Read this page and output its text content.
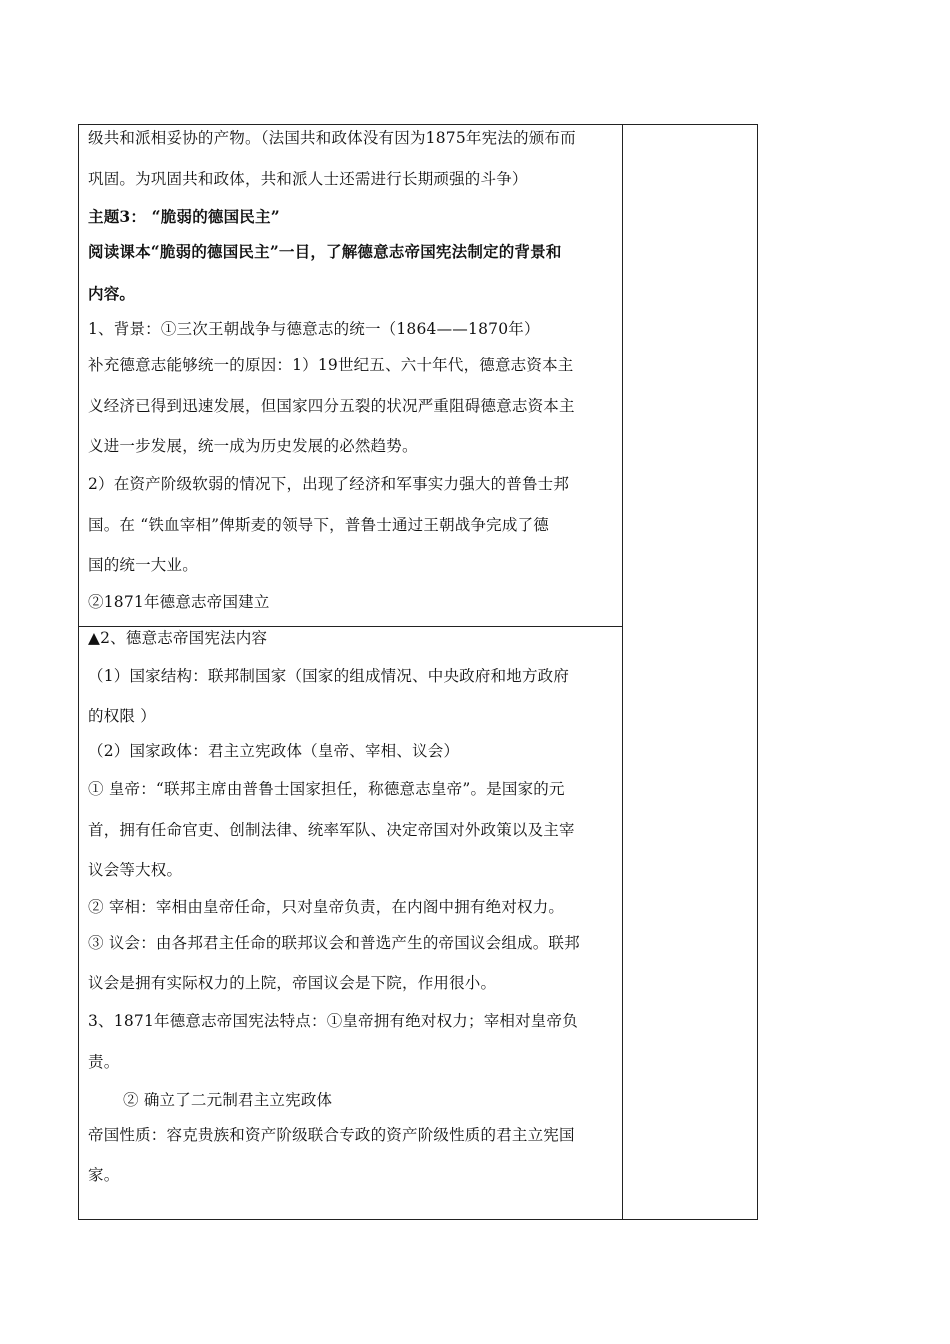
级共和派相妥协的产物。（法国共和政体没有因为1875年宪法的颁布而
巩固。为巩固共和政体，共和派人士还需进行长期顽强的斗争）
主题3： “脆弱的德国民主”
阅读课本“脆弱的德国民主”一目，了解德意志帝国宪法制定的背景和
内容。
1、背景：①三次王朝战争与德意志的统一（1864——1870年）
补充德意志能够统一的原因：1）19世纪五、六十年代，德意志资本主
义经济已得到迅速发展，但国家四分五裂的状况严重阻碍德意志资本主
义进一步发展，统一成为历史发展的必然趋势。
2）在资产阶级软弱的情况下，出现了经济和军事实力强大的普鲁士邦
国。在 “铁血宰相”俾斯麦的领导下，普鲁士通过王朝战争完成了德
国的统一大业。
②1871年德意志帝国建立
▲2、德意志帝国宪法内容
（1）国家结构：联邦制国家（国家的组成情况、中央政府和地方政府
的权限 ）
（2）国家政体：君主立宪政体（皇帝、宰相、议会）
① 皇帝：“联邦主席由普鲁士国家担任，称德意志皇帝”。是国家的元
首，拥有任命官吏、创制法律、统率军队、决定帝国对外政策以及主宰
议会等大权。
② 宰相：宰相由皇帝任命，只对皇帝负责，在内阁中拥有绝对权力。
③ 议会：由各邦君主任命的联邦议会和普选产生的帝国议会组成。联邦
议会是拥有实际权力的上院，帝国议会是下院，作用很小。
3、1871年德意志帝国宪法特点：①皇帝拥有绝对权力；宰相对皇帝负
责。
② 确立了二元制君主立宪政体
帝国性质：容克贵族和资产阶级联合专政的资产阶级性质的君主立宪国
家。
